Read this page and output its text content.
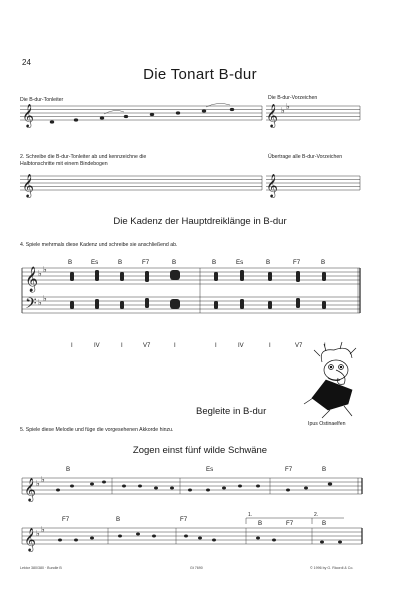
𝄞	𝄞
𝄞	𝄞
𝄞
𝄢
𝄞
𝄞
♭ ♭
♭ ♭
♭ ♭
♭ ♭
♭ ♭
24
Die Tonart B-dur
Die B-dur-Tonleiter	Die B-dur-Vorzeichen
2. Schreibe die B-dur-Tonleiter ab und kennzeichne die Halbtonschritte mit einem Bindebogen
Übertrage alle B-dur-Vorzeichen
Die Kadenz der Hauptdreiklänge in B-dur
4. Spiele mehrmals diese Kadenz und schreibe sie anschließend ab.
B	Es	B	F7	B	B	Es	B	F7	B
I	IV	I	V7	I	I	IV	I	V7	I
Begleite in B-dur
5. Spiele diese Melodie und füge die vorgesehenen Akkorde hinzu.
Ipus Ostinaelfen
Zogen einst fünf wilde Schwäne
B	Es	F7	B
F7	B	F7
B	F7	B
1.	2.
Lektor 380/380 · Bundle B	Gt 7690	© 1996 by G. Ricordi & Co.
